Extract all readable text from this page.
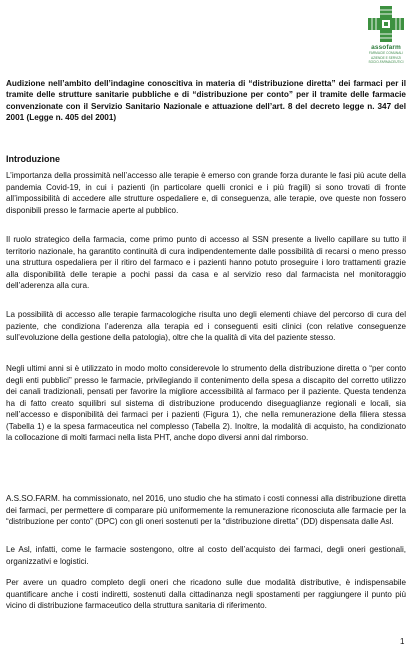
assofarm
FARMACIE COMUNALI
AZIENDE E SERVIZI
SOCIO-FARMACEUTICI
Audizione nell’ambito dell’indagine conoscitiva in materia di “distribuzione diretta” dei farmaci per il tramite delle strutture sanitarie pubbliche e di “distribuzione per conto” per il tramite delle farmacie convenzionate con il Servizio Sanitario Nazionale e attuazione dell’art. 8 del decreto legge n. 347 del 2001 (Legge n. 405 del 2001)
Introduzione

L’importanza della prossimità nell’accesso alle terapie è emerso con grande forza durante le fasi più acute della pandemia Covid-19, in cui i pazienti (in particolare quelli cronici e i più fragili) si sono trovati di fronte all’impossibilità di accedere alle strutture ospedaliere e, di conseguenza, alle terapie, ove queste non fossero disponibili presso le farmacie aperte al pubblico.

Il ruolo strategico della farmacia, come primo punto di accesso al SSN presente a livello capillare su tutto il territorio nazionale, ha garantito continuità di cura indipendentemente dalle possibilità di recarsi o meno presso una struttura ospedaliera per il ritiro del farmaco e i pazienti hanno potuto proseguire i loro trattamenti grazie alla disponibilità delle terapie a pochi passi da casa e al servizio reso dal farmacista nel monitoraggio dell’aderenza alla cura.

La possibilità di accesso alle terapie farmacologiche risulta uno degli elementi chiave del percorso di cura del paziente, che condiziona l’aderenza alla terapia ed i conseguenti esiti clinici (con relative conseguenze sull’evoluzione della gestione della patologia), oltre che la qualità di vita del paziente stesso.

Negli ultimi anni si è utilizzato in modo molto considerevole lo strumento della distribuzione diretta o “per conto degli enti pubblici” presso le farmacie, privilegiando il contenimento della spesa a discapito del corretto utilizzo dei canali tradizionali, pensati per favorire la migliore accessibilità al farmaco per il paziente. Questa tendenza ha di fatto creato squilibri sul sistema di distribuzione producendo diseguaglianze regionali e locali, sia nell’accesso e disponibilità dei farmaci per i pazienti (Figura 1), che nella remunerazione della filiera stessa (Tabella 1) e la spesa farmaceutica nel complesso (Tabella 2). Inoltre, la modalità di acquisto, ha condizionato la collocazione di molti farmaci nella lista PHT, anche dopo diversi anni dal rimborso.

A.S.SO.FARM. ha commissionato, nel 2016, uno studio che ha stimato i costi connessi alla distribuzione diretta dei farmaci, per permettere di comparare più uniformemente la remunerazione riconosciuta alle farmacie per la “distribuzione per conto” (DPC) con gli oneri sostenuti per la “distribuzione diretta” (DD) dispensata dalle Asl.

Le Asl, infatti, come le farmacie sostengono, oltre al costo dell’acquisto dei farmaci, degli oneri gestionali, organizzativi e logistici.

Per avere un quadro completo degli oneri che ricadono sulle due modalità distributive, è indispensabile quantificare anche i costi indiretti, sostenuti dalla cittadinanza negli spostamenti per raggiungere il punto più vicino di distribuzione farmaceutico della struttura sanitaria di riferimento.

1
